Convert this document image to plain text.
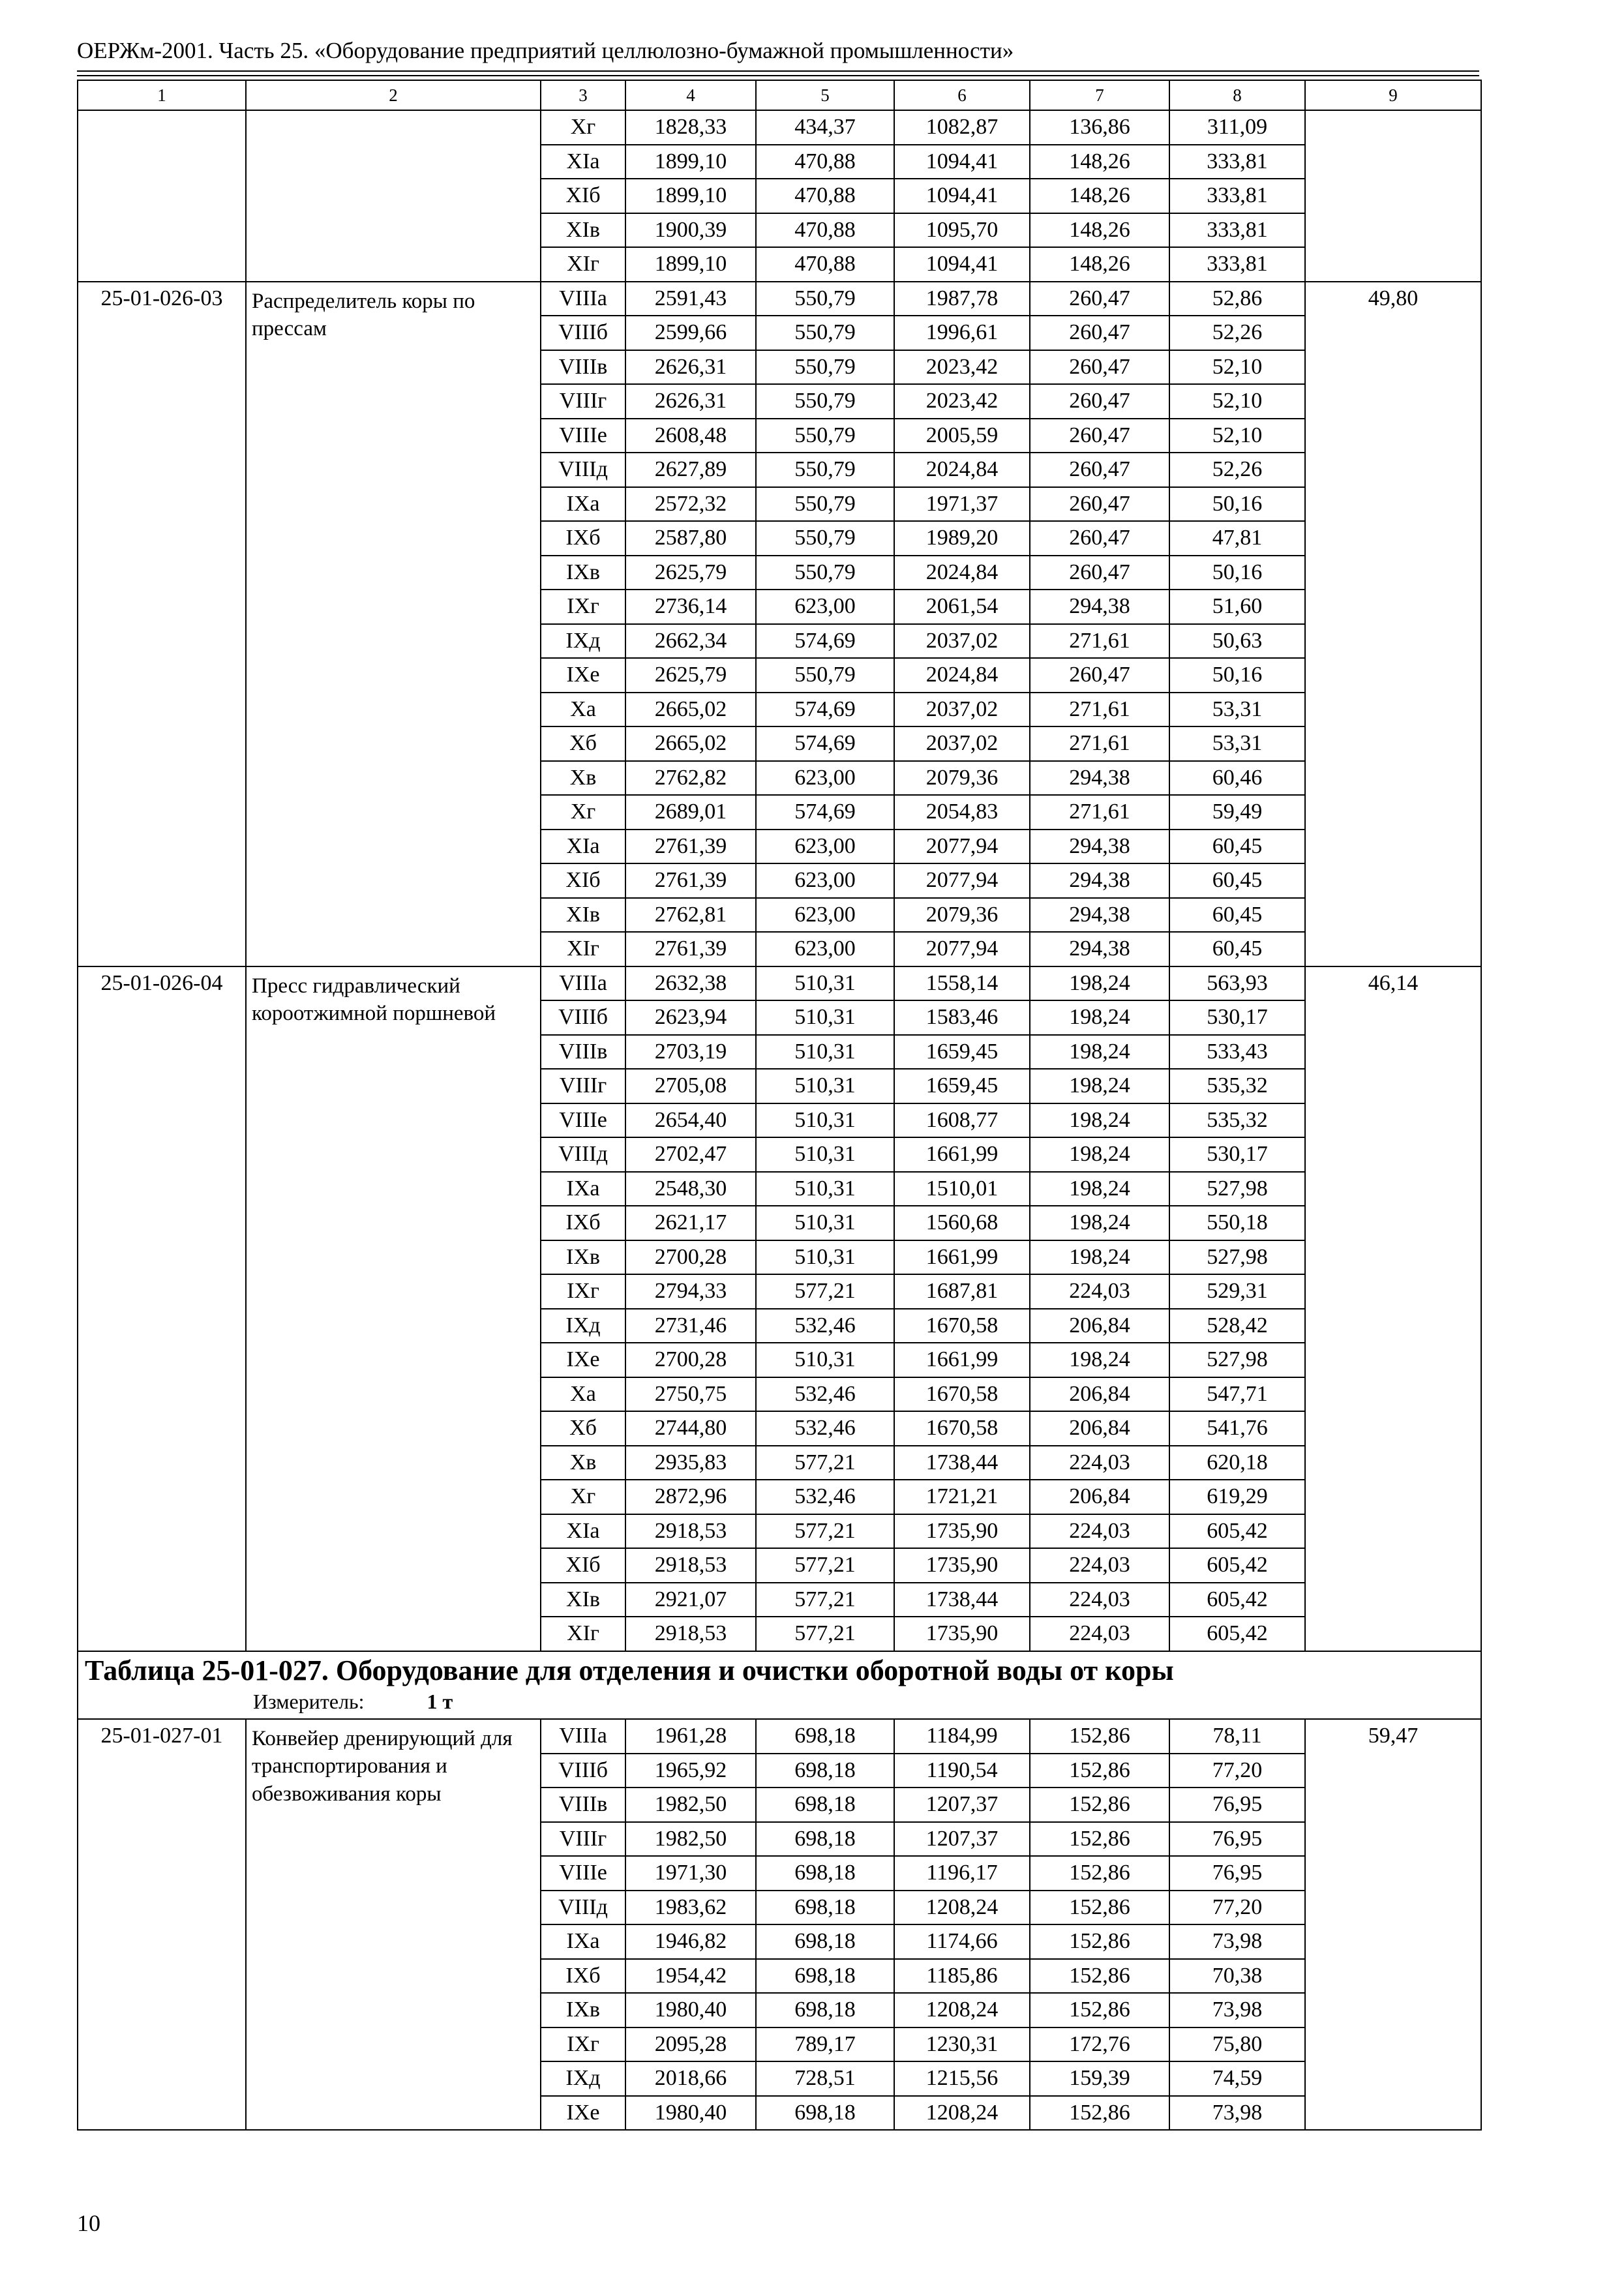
ОЕРЖм-2001. Часть 25. «Оборудование предприятий целлюлозно-бумажной промышленности»
1	2	3	4	5	6	7	8	9
		Xг	1828,33	434,37	1082,87	136,86	311,09	
		XIа	1899,10	470,88	1094,41	148,26	333,81	
		XIб	1899,10	470,88	1094,41	148,26	333,81	
		XIв	1900,39	470,88	1095,70	148,26	333,81	
		XIг	1899,10	470,88	1094,41	148,26	333,81	
25-01-026-03	Распределитель коры по прессам	VIIIа	2591,43	550,79	1987,78	260,47	52,86	49,80
		VIIIб	2599,66	550,79	1996,61	260,47	52,26	
		VIIIв	2626,31	550,79	2023,42	260,47	52,10	
		VIIIг	2626,31	550,79	2023,42	260,47	52,10	
		VIIIе	2608,48	550,79	2005,59	260,47	52,10	
		VIIIд	2627,89	550,79	2024,84	260,47	52,26	
		IXа	2572,32	550,79	1971,37	260,47	50,16	
		IXб	2587,80	550,79	1989,20	260,47	47,81	
		IXв	2625,79	550,79	2024,84	260,47	50,16	
		IXг	2736,14	623,00	2061,54	294,38	51,60	
		IXд	2662,34	574,69	2037,02	271,61	50,63	
		IXе	2625,79	550,79	2024,84	260,47	50,16	
		Xа	2665,02	574,69	2037,02	271,61	53,31	
		Xб	2665,02	574,69	2037,02	271,61	53,31	
		Xв	2762,82	623,00	2079,36	294,38	60,46	
		Xг	2689,01	574,69	2054,83	271,61	59,49	
		XIа	2761,39	623,00	2077,94	294,38	60,45	
		XIб	2761,39	623,00	2077,94	294,38	60,45	
		XIв	2762,81	623,00	2079,36	294,38	60,45	
		XIг	2761,39	623,00	2077,94	294,38	60,45	
25-01-026-04	Пресс гидравлический короотжимной поршневой	VIIIа	2632,38	510,31	1558,14	198,24	563,93	46,14
		VIIIб	2623,94	510,31	1583,46	198,24	530,17	
		VIIIв	2703,19	510,31	1659,45	198,24	533,43	
		VIIIг	2705,08	510,31	1659,45	198,24	535,32	
		VIIIе	2654,40	510,31	1608,77	198,24	535,32	
		VIIIд	2702,47	510,31	1661,99	198,24	530,17	
		IXа	2548,30	510,31	1510,01	198,24	527,98	
		IXб	2621,17	510,31	1560,68	198,24	550,18	
		IXв	2700,28	510,31	1661,99	198,24	527,98	
		IXг	2794,33	577,21	1687,81	224,03	529,31	
		IXд	2731,46	532,46	1670,58	206,84	528,42	
		IXе	2700,28	510,31	1661,99	198,24	527,98	
		Xа	2750,75	532,46	1670,58	206,84	547,71	
		Xб	2744,80	532,46	1670,58	206,84	541,76	
		Xв	2935,83	577,21	1738,44	224,03	620,18	
		Xг	2872,96	532,46	1721,21	206,84	619,29	
		XIа	2918,53	577,21	1735,90	224,03	605,42	
		XIб	2918,53	577,21	1735,90	224,03	605,42	
		XIв	2921,07	577,21	1738,44	224,03	605,42	
		XIг	2918,53	577,21	1735,90	224,03	605,42	

Таблица 25-01-027. Оборудование для отделения и очистки оборотной воды от коры
Измеритель: 1 т								

25-01-027-01	Конвейер дренирующий для транспортирования и обезвоживания коры	VIIIа	1961,28	698,18	1184,99	152,86	78,11	59,47
		VIIIб	1965,92	698,18	1190,54	152,86	77,20	
		VIIIв	1982,50	698,18	1207,37	152,86	76,95	
		VIIIг	1982,50	698,18	1207,37	152,86	76,95	
		VIIIе	1971,30	698,18	1196,17	152,86	76,95	
		VIIIд	1983,62	698,18	1208,24	152,86	77,20	
		IXа	1946,82	698,18	1174,66	152,86	73,98	
		IXб	1954,42	698,18	1185,86	152,86	70,38	
		IXв	1980,40	698,18	1208,24	152,86	73,98	
		IXг	2095,28	789,17	1230,31	172,76	75,80	
		IXд	2018,66	728,51	1215,56	159,39	74,59	
		IXе	1980,40	698,18	1208,24	152,86	73,98	
10
